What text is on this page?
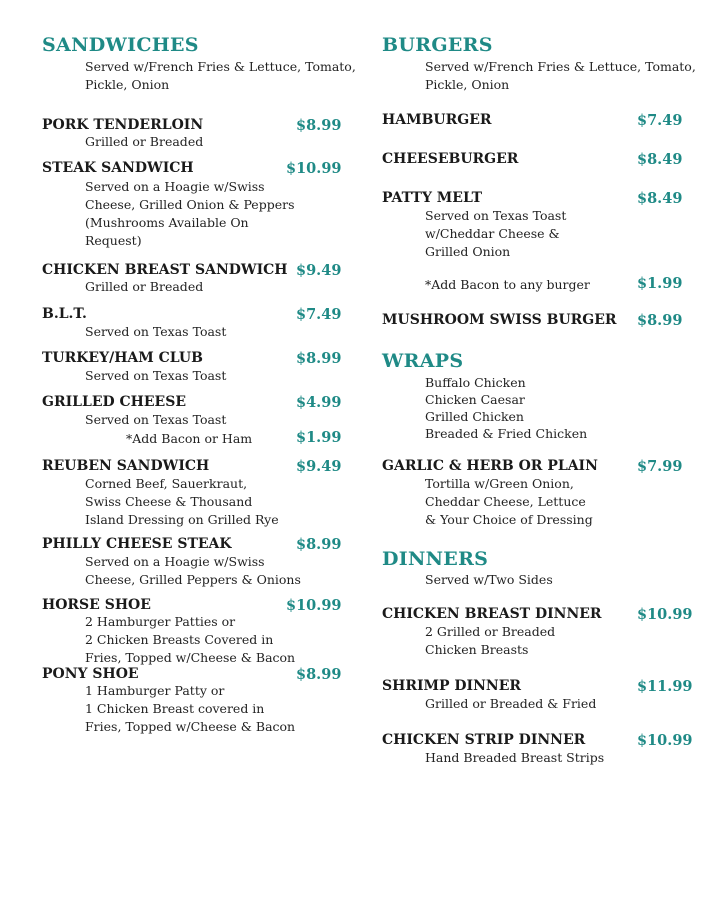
SANDWICHES
Served w/French Fries & Lettuce, Tomato,
Pickle, Onion
PORK TENDERLOIN	$8.99
Grilled or Breaded
STEAK SANDWICH	$10.99
Served on a Hoagie w/Swiss
Cheese, Grilled Onion & Peppers
(Mushrooms Available On
Request)
CHICKEN BREAST SANDWICH $9.49
Grilled or Breaded
B.L.T.	$7.49
Served on Texas Toast
TURKEY/HAM CLUB	$8.99
Served on Texas Toast
GRILLED CHEESE	$4.99
Served on Texas Toast
*Add Bacon or Ham	$1.99
REUBEN SANDWICH	$9.49
Corned Beef, Sauerkraut,
Swiss Cheese & Thousand
Island Dressing on Grilled Rye
PHILLY CHEESE STEAK	$8.99
Served on a Hoagie w/Swiss
Cheese, Grilled Peppers & Onions
HORSE SHOE	$10.99
2 Hamburger Patties or
2 Chicken Breasts Covered in
Fries, Topped w/Cheese & Bacon
PONY SHOE	$8.99
1 Hamburger Patty or
1 Chicken Breast covered in
Fries, Topped w/Cheese & Bacon
BURGERS
Served w/French Fries & Lettuce, Tomato,
Pickle, Onion
HAMBURGER	$7.49
CHEESEBURGER	$8.49
PATTY MELT	$8.49
Served on Texas Toast
w/Cheddar Cheese &
Grilled Onion
*Add Bacon to any burger	$1.99
MUSHROOM SWISS BURGER $8.99
WRAPS
Buffalo Chicken
Chicken Caesar
Grilled Chicken
Breaded & Fried Chicken
GARLIC & HERB OR PLAIN	$7.99
Tortilla w/Green Onion,
Cheddar Cheese, Lettuce
& Your Choice of Dressing
DINNERS
Served w/Two Sides
CHICKEN BREAST DINNER $10.99
2 Grilled or Breaded
Chicken Breasts
SHRIMP DINNER	$11.99
Grilled or Breaded & Fried
CHICKEN STRIP DINNER	$10.99
Hand Breaded Breast Strips
